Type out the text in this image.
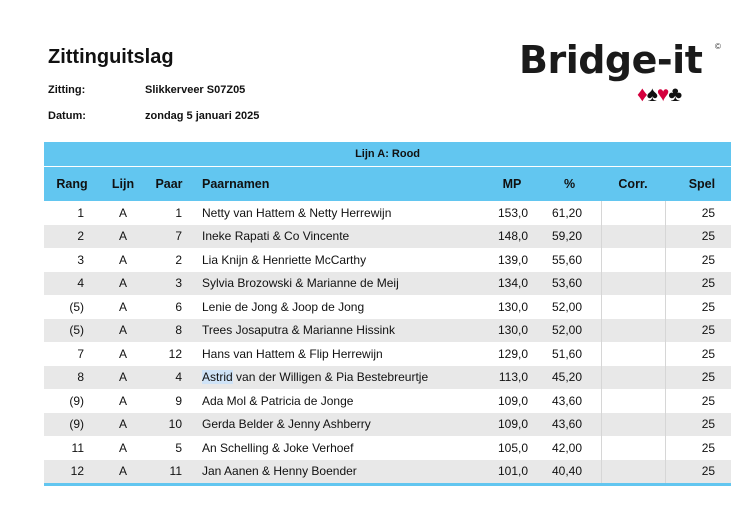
Zittinguitslag
Zitting:	Slikkerveer S07Z05
Datum:	zondag 5 januari 2025
Bridge-it ©
♦♠♥♣
Lijn A: Rood							
Rang	Lijn	Paar	Paarnamen	MP	%	Corr.	Spel
1	A	1	Netty van Hattem & Netty Herrewijn	153,0	61,20		25
2	A	7	Ineke Rapati & Co Vincente	148,0	59,20		25
3	A	2	Lia Knijn & Henriette McCarthy	139,0	55,60		25
4	A	3	Sylvia Brozowski & Marianne de Meij	134,0	53,60		25
(5)	A	6	Lenie de Jong & Joop de Jong	130,0	52,00		25
(5)	A	8	Trees Josaputra & Marianne Hissink	130,0	52,00		25
7	A	12	Hans van Hattem & Flip Herrewijn	129,0	51,60		25
8	A	4	Astrid van der Willigen & Pia Bestebreurtje	113,0	45,20		25
(9)	A	9	Ada Mol & Patricia de Jonge	109,0	43,60		25
(9)	A	10	Gerda Belder & Jenny Ashberry	109,0	43,60		25
11	A	5	An Schelling & Joke Verhoef	105,0	42,00		25
12	A	11	Jan Aanen & Henny Boender	101,0	40,40		25
